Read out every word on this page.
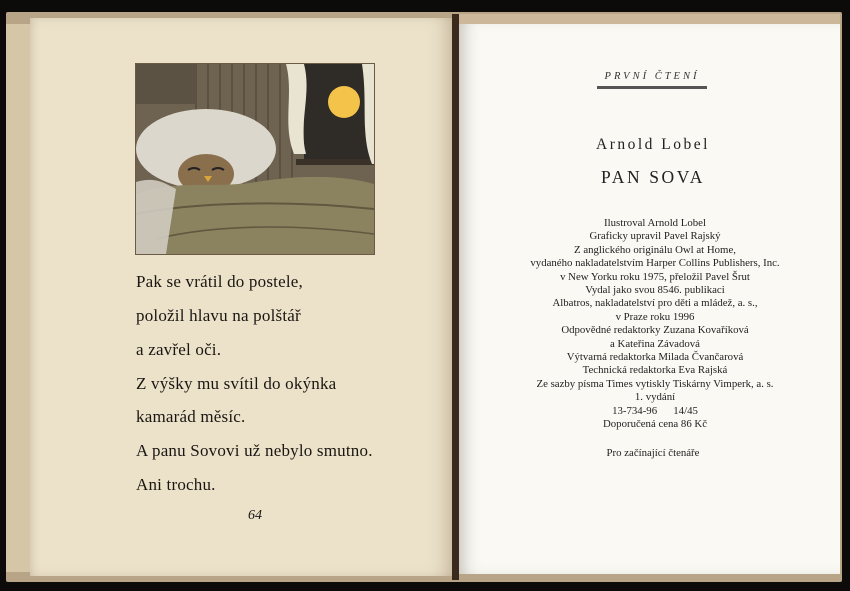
Pak se vrátil do postele,
položil hlavu na polštář
a zavřel oči.
Z výšky mu svítil do okýnka
kamarád měsíc.
A panu Sovovi už nebylo smutno.
Ani trochu.
64
PRVNÍ ČTENÍ
Arnold Lobel
PAN SOVA
Ilustroval Arnold Lobel
Graficky upravil Pavel Rajský
Z anglického originálu Owl at Home,
vydaného nakladatelstvím Harper Collins Publishers, Inc.
v New Yorku roku 1975, přeložil Pavel Šrut
Vydal jako svou 8546. publikaci
Albatros, nakladatelství pro děti a mládež, a. s.,
v Praze roku 1996
Odpovědné redaktorky Zuzana Kovaříková
a Kateřina Závadová
Výtvarná redaktorka Milada Čvančarová
Technická redaktorka Eva Rajská
Ze sazby písma Times vytiskly Tiskárny Vimperk, a. s.
1. vydání
13-734-96      14/45
Doporučená cena 86 Kč
Pro začínající čtenáře
